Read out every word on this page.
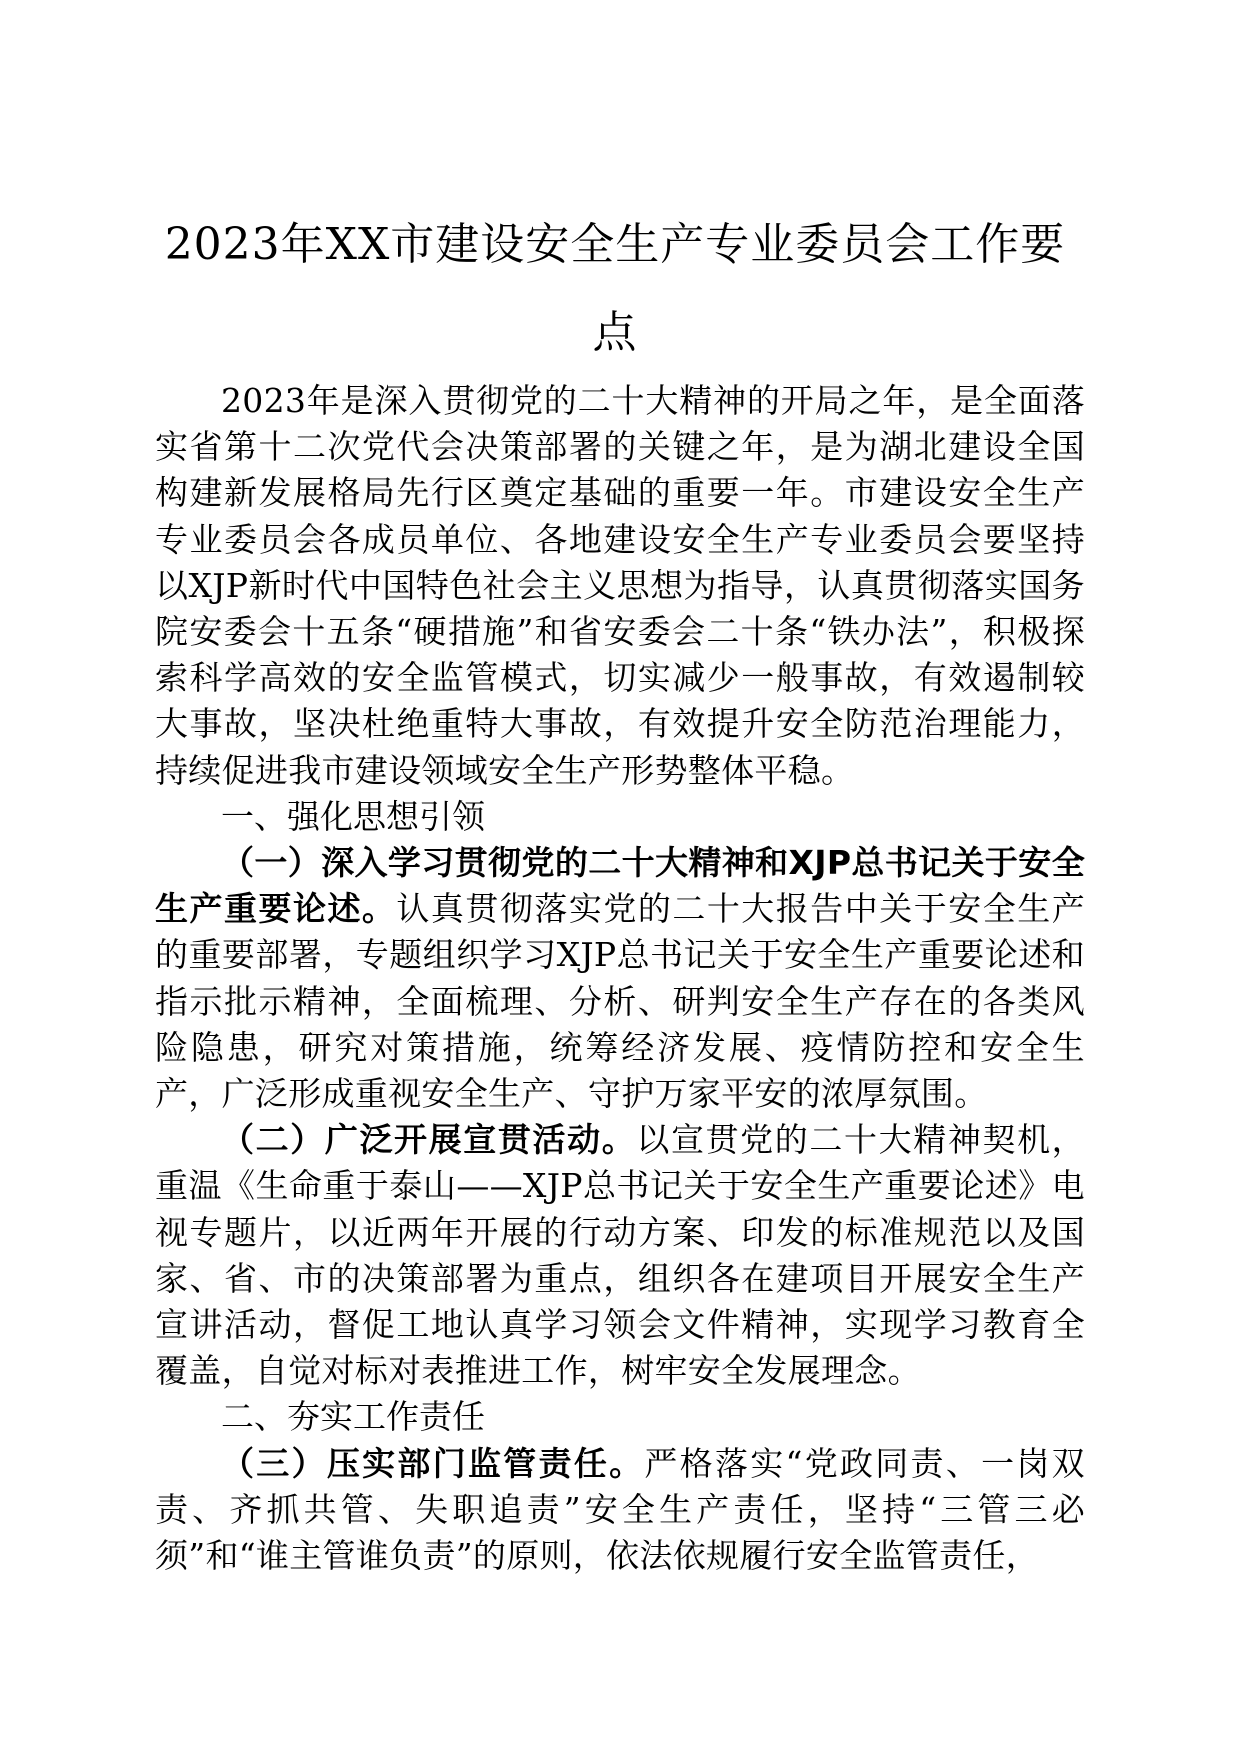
2023年XX市建设安全生产专业委员会工作要
点

2023年是深入贯彻党的二十大精神的开局之年，是全面落实省第十二次党代会决策部署的关键之年，是为湖北建设全国构建新发展格局先行区奠定基础的重要一年。市建设安全生产专业委员会各成员单位、各地建设安全生产专业委员会要坚持以XJP新时代中国特色社会主义思想为指导，认真贯彻落实国务院安委会十五条“硬措施”和省安委会二十条“铁办法”，积极探索科学高效的安全监管模式，切实减少一般事故，有效遏制较大事故，坚决杜绝重特大事故，有效提升安全防范治理能力，持续促进我市建设领域安全生产形势整体平稳。

一、强化思想引领

（一）深入学习贯彻党的二十大精神和XJP总书记关于安全生产重要论述。认真贯彻落实党的二十大报告中关于安全生产的重要部署，专题组织学习XJP总书记关于安全生产重要论述和指示批示精神，全面梳理、分析、研判安全生产存在的各类风险隐患，研究对策措施，统筹经济发展、疫情防控和安全生产，广泛形成重视安全生产、守护万家平安的浓厚氛围。

（二）广泛开展宣贯活动。以宣贯党的二十大精神契机，重温《生命重于泰山——XJP总书记关于安全生产重要论述》电视专题片，以近两年开展的行动方案、印发的标准规范以及国家、省、市的决策部署为重点，组织各在建项目开展安全生产宣讲活动，督促工地认真学习领会文件精神，实现学习教育全覆盖，自觉对标对表推进工作，树牢安全发展理念。

二、夯实工作责任

（三）压实部门监管责任。严格落实“党政同责、一岗双责、齐抓共管、失职追责”安全生产责任，坚持“三管三必须”和“谁主管谁负责”的原则，依法依规履行安全监管责任，
